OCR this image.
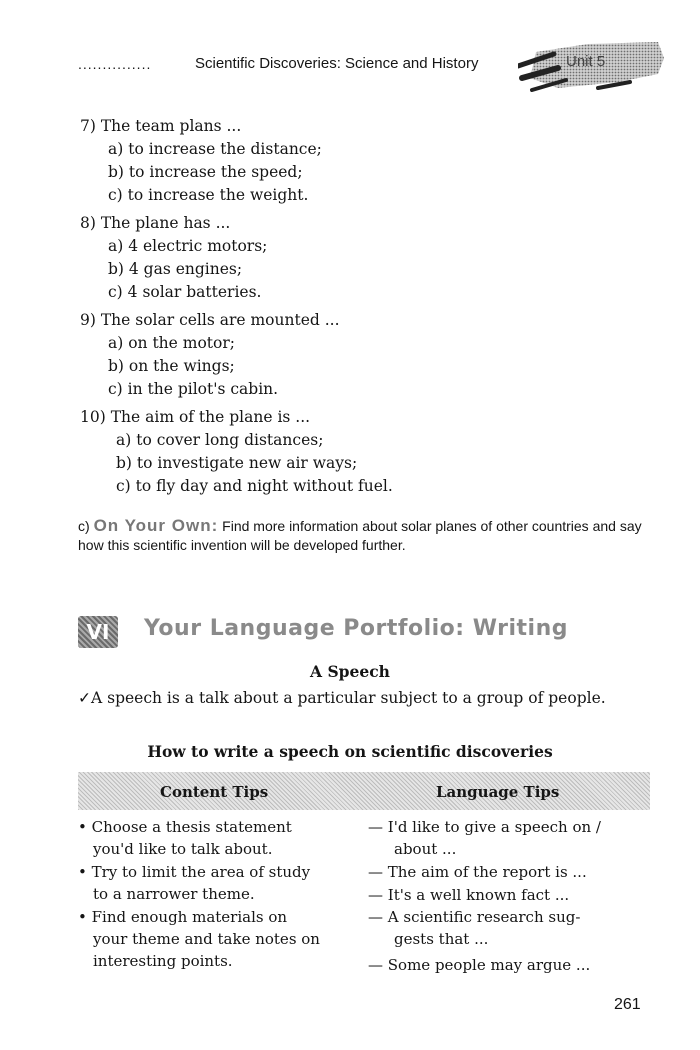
...............	Scientific Discoveries: Science and History	Unit 5
7) The team plans ...
a) to increase the distance;
b) to increase the speed;
c) to increase the weight.
8) The plane has ...
a) 4 electric motors;
b) 4 gas engines;
c) 4 solar batteries.
9) The solar cells are mounted ...
a) on the motor;
b) on the wings;
c) in the pilot's cabin.
10) The aim of the plane is ...
a) to cover long distances;
b) to investigate new air ways;
c) to fly day and night without fuel.
c) On Your Own: Find more information about solar planes of other countries and say how this scientific invention will be developed further.
VI	Your Language Portfolio: Writing
A Speech
✓A speech is a talk about a particular subject to a group of people.
How to write a speech on scientific discoveries
Content Tips	Language Tips
• Choose a thesis statement
you'd like to talk about.
• Try to limit the area of study
to a narrower theme.
• Find enough materials on
your theme and take notes on
interesting points.
— I'd like to give a speech on /
about ...
— The aim of the report is ...
— It's a well known fact ...
— A scientific research sug-
gests that ...
— Some people may argue ...
261
